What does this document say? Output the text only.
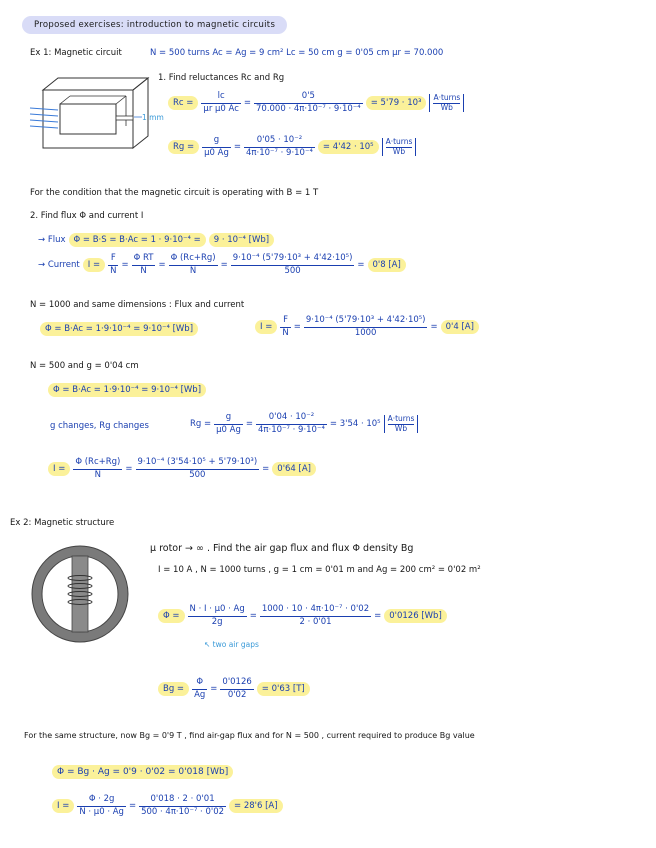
Proposed exercises: introduction to magnetic circuits
Ex 1: Magnetic circuit	N = 500 turns Ac = Ag = 9 cm² Lc = 50 cm g = 0'05 cm μr = 70.000
1 mm
1. Find reluctances Rc and Rg
$Rc = \frac{lc}{\text{μr μ0 Ac}} = \frac{0'5}{\text{70.000 · 4π·10⁻⁷ · 9·10⁻⁴}} = 5'79 \cdot 10^3$
A·turns
Wb
$Rg = \frac{g}{\mu 0 Ag} = \frac{\text{0'05 · 10⁻²}}{\text{4π·10⁻⁷ · 9·10⁻⁴}} = 4'42 \cdot 10^5$
A·turns
Wb
For the condition that the magnetic circuit is operating with B = 1 T
2. Find flux Φ and current I
→ Flux Φ = B·S = B·Ac = 1 · 9·10⁻⁴ =	9 · 10⁻⁴ [Wb]
→ Current $I = \frac{F}{N} = \frac{\text{Φ RT}}{N} = \frac{\Phi (Rc+Rg)}{N} = \frac{\text{9·10⁻⁴ (5'79·10³ + 4'42·10⁵)}}{500} = 0'8$ [A]
N = 1000 and same dimensions : Flux and current
Φ = B·Ac = 1·9·10⁻⁴ = 9·10⁻⁴ [Wb]	$I = \frac{F}{N} = \frac{\text{9·10⁻⁴ (5'79·10³ + 4'42·10⁵)}}{1000} = 0'4$ [A]
N = 500 and g = 0'04 cm
Φ = B·Ac = 1·9·10⁻⁴ = 9·10⁻⁴ [Wb]
g changes, Rg changes	$Rg = \frac{g}{\mu 0 Ag} = \frac{\text{0'04 · 10⁻²}}{\text{4π·10⁻⁷ · 9·10⁻⁴}} = 3'54 \cdot 10^5$
A·turns
Wb
$I = \frac{\Phi (Rc+Rg)}{N} = \frac{\text{9·10⁻⁴ (3'54·10⁵ + 5'79·10³)}}{500} = 0'64$ [A]
Ex 2: Magnetic structure
μ rotor → ∞ . Find the air gap flux and flux Φ density Bg
I = 10 A , N = 1000 turns , g = 1 cm = 0'01 m and Ag = 200 cm² = 0'02 m²
$\Phi = \frac{N \cdot I \cdot \mu 0 \cdot Ag}{2g} = \frac{\text{1000 · 10 · 4π·10⁻⁷ · 0'02}}{2 \cdot 0'01} = 0'0126$ [Wb]
↖ two air gaps
$Bg = \frac{\Phi}{Ag} = \frac{0'0126}{0'02} = 0'63$ [T]
For the same structure, now Bg = 0'9 T , find air-gap flux and for N = 500 , current required to produce Bg value
Φ = Bg · Ag = 0'9 · 0'02 = 0'018 [Wb]
$I = \frac{\Phi \cdot 2g}{N \cdot \mu 0 \cdot Ag} = \frac{0'018 \cdot 2 \cdot 0'01}{\text{500 · 4π·10⁻⁷ · 0'02}} = 28'6$ [A]
